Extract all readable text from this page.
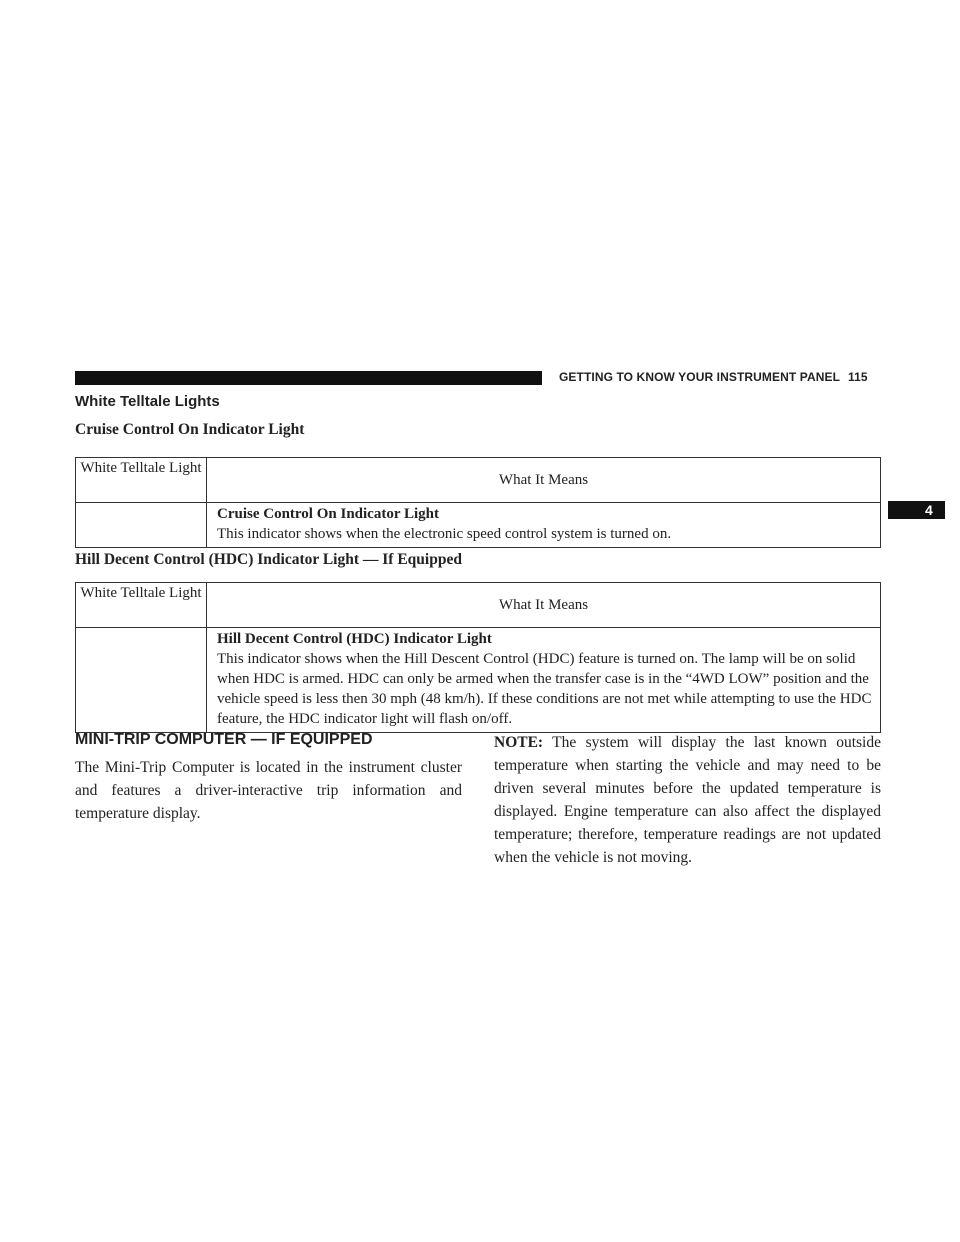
GETTING TO KNOW YOUR INSTRUMENT PANEL 115
4
White Telltale Lights
Cruise Control On Indicator Light
White Telltale Light	What It Means

	Cruise Control On Indicator Light
This indicator shows when the electronic speed control system is turned on.
Hill Decent Control (HDC) Indicator Light — If Equipped
White Telltale Light	What It Means

	Hill Decent Control (HDC) Indicator Light
This indicator shows when the Hill Descent Control (HDC) feature is turned on. The lamp will be on solid when HDC is armed. HDC can only be armed when the transfer case is in the “4WD LOW” position and the vehicle speed is less then 30 mph (48 km/h). If these conditions are not met while attempting to use the HDC feature, the HDC indicator light will flash on/off.
MINI-TRIP COMPUTER — IF EQUIPPED
The Mini-Trip Computer is located in the instrument cluster and features a driver-interactive trip information and temperature display.
NOTE: The system will display the last known outside temperature when starting the vehicle and may need to be driven several minutes before the updated temperature is displayed. Engine temperature can also affect the displayed temperature; therefore, temperature readings are not updated when the vehicle is not moving.
